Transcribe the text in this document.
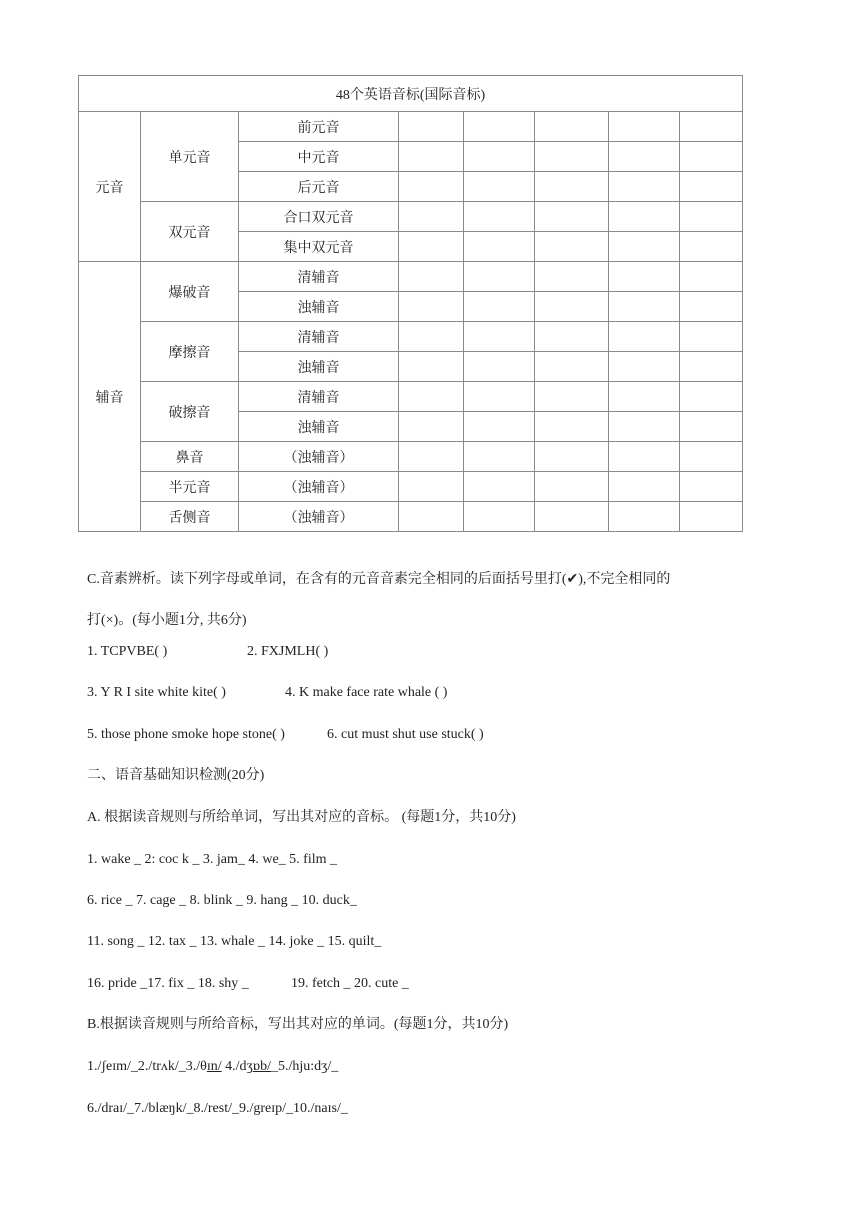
48个英语音标(国际音标)							
元音	单元音	前元音					
		中元音					
		后元音					
	双元音	合口双元音					
		集中双元音					
辅音	爆破音	清辅音					
		浊辅音					
	摩擦音	清辅音					
		浊辅音					
	破擦音	清辅音					
		浊辅音					
	鼻音	（浊辅音）					
	半元音	（浊辅音）					
	舌侧音	（浊辅音）					
C.音素辨析。读下列字母或单词，在含有的元音音素完全相同的后面括号里打(✔),不完全相同的
打(×)。(每小题1分, 共6分)
1. TCPVBE( )	2. FXJMLH( )
3. Y R I site white kite( )	4. K make face rate whale ( )
5. those phone smoke hope stone( )	6. cut must shut use stuck( )
二、语音基础知识检测(20分)
A. 根据读音规则与所给单词，写出其对应的音标。 (每题1分，共10分)
1. wake _ 2: coc k _ 3. jam_ 4. we_ 5. film _
6. rice _ 7. cage _ 8. blink _ 9. hang _ 10. duck_
11. song _ 12. tax _ 13. whale _ 14. joke _ 15. quilt_
16. pride _17. fix _ 18. shy _	19. fetch _ 20. cute _
B.根据读音规则与所给音标，写出其对应的单词。(每题1分，共10分)
1./ʃeɪm/_2./trʌk/_3./θɪn/ 4./dʒɒb/_5./hju:dʒ/_
6./draɪ/_7./blæŋk/_8./rest/_9./greɪp/_10./naɪs/_
